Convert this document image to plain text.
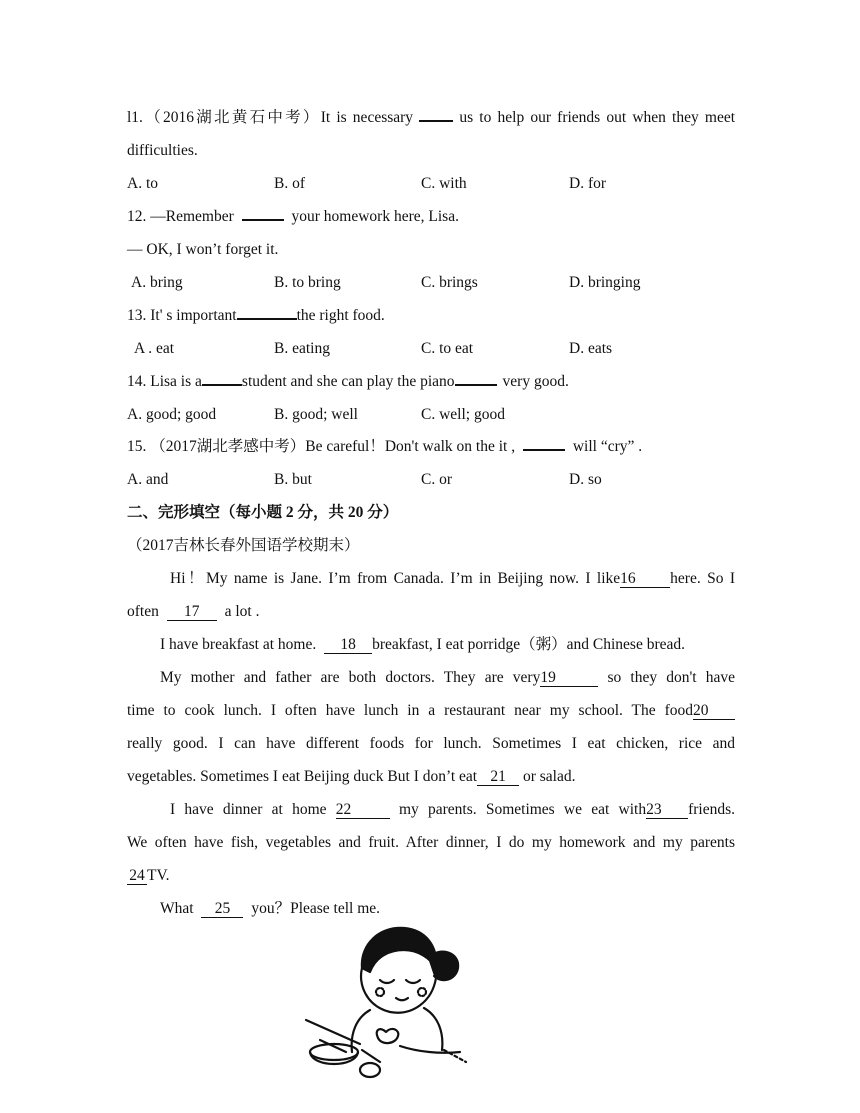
l1.（2016湖北黄石中考）It is necessary	us to help our friends out when they meet
difficulties.
A. to	B. of	C. with	D. for
12. —Remember	your homework here, Lisa.
— OK, I won’t forget it.
A. bring	B. to bring	C. brings	D. bringing
13. It' s important	the right food.
A . eat	B. eating	C. to eat	D. eats
14. Lisa is a	student and she can play the piano	very good.
A. good; good	B. good; well	C. well; good
15. （2017湖北孝感中考）Be careful！Don't walk on the it ,	will “cry” .
A. and	B. but	C. or	D. so
二、完形填空（每小题 2 分，共 20 分）
（2017吉林长春外国语学校期末）
Hi！My name is Jane. I’m from Canada. I’m in Beijing now. I like16 here. So I
often 17 a lot .
I have breakfast at home. 18 breakfast, I eat porridge（粥）and Chinese bread.
My mother and father are both doctors. They are very19	so they don't have
time to cook lunch. I often have lunch in a restaurant near my school. The food20
really good. I can have different foods for lunch. Sometimes I eat chicken, rice and
vegetables. Sometimes I eat Beijing duck But I don’t eat 21 or salad.
I have dinner at home 22	my parents. Sometimes we eat with23 friends.
We often have fish, vegetables and fruit. After dinner, I do my homework and my parents
24 TV.
What 25 you？Please tell me.
